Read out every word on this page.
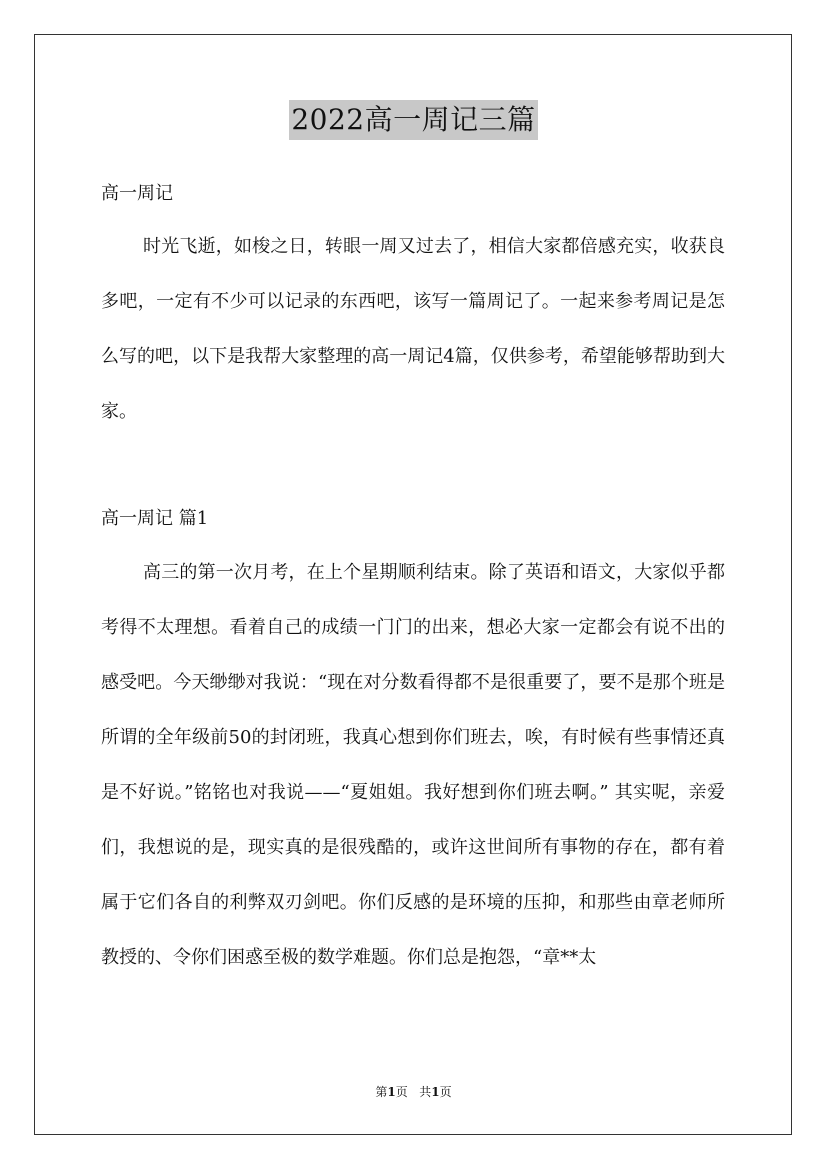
2022高一周记三篇
高一周记

时光飞逝，如梭之日，转眼一周又过去了，相信大家都倍感充实，收获良多吧，一定有不少可以记录的东西吧，该写一篇周记了。一起来参考周记是怎么写的吧，以下是我帮大家整理的高一周记4篇，仅供参考，希望能够帮助到大家。

高一周记 篇1

高三的第一次月考，在上个星期顺利结束。除了英语和语文，大家似乎都考得不太理想。看着自己的成绩一门门的出来，想必大家一定都会有说不出的感受吧。今天缈缈对我说：“现在对分数看得都不是很重要了，要不是那个班是所谓的全年级前50的封闭班，我真心想到你们班去，唉，有时候有些事情还真是不好说。”铭铭也对我说——“夏姐姐。我好想到你们班去啊。” 其实呢，亲爱们，我想说的是，现实真的是很残酷的，或许这世间所有事物的存在，都有着属于它们各自的利弊双刃剑吧。你们反感的是环境的压抑，和那些由章老师所教授的、令你们困惑至极的数学难题。你们总是抱怨，“章**太

第1页 共1页
